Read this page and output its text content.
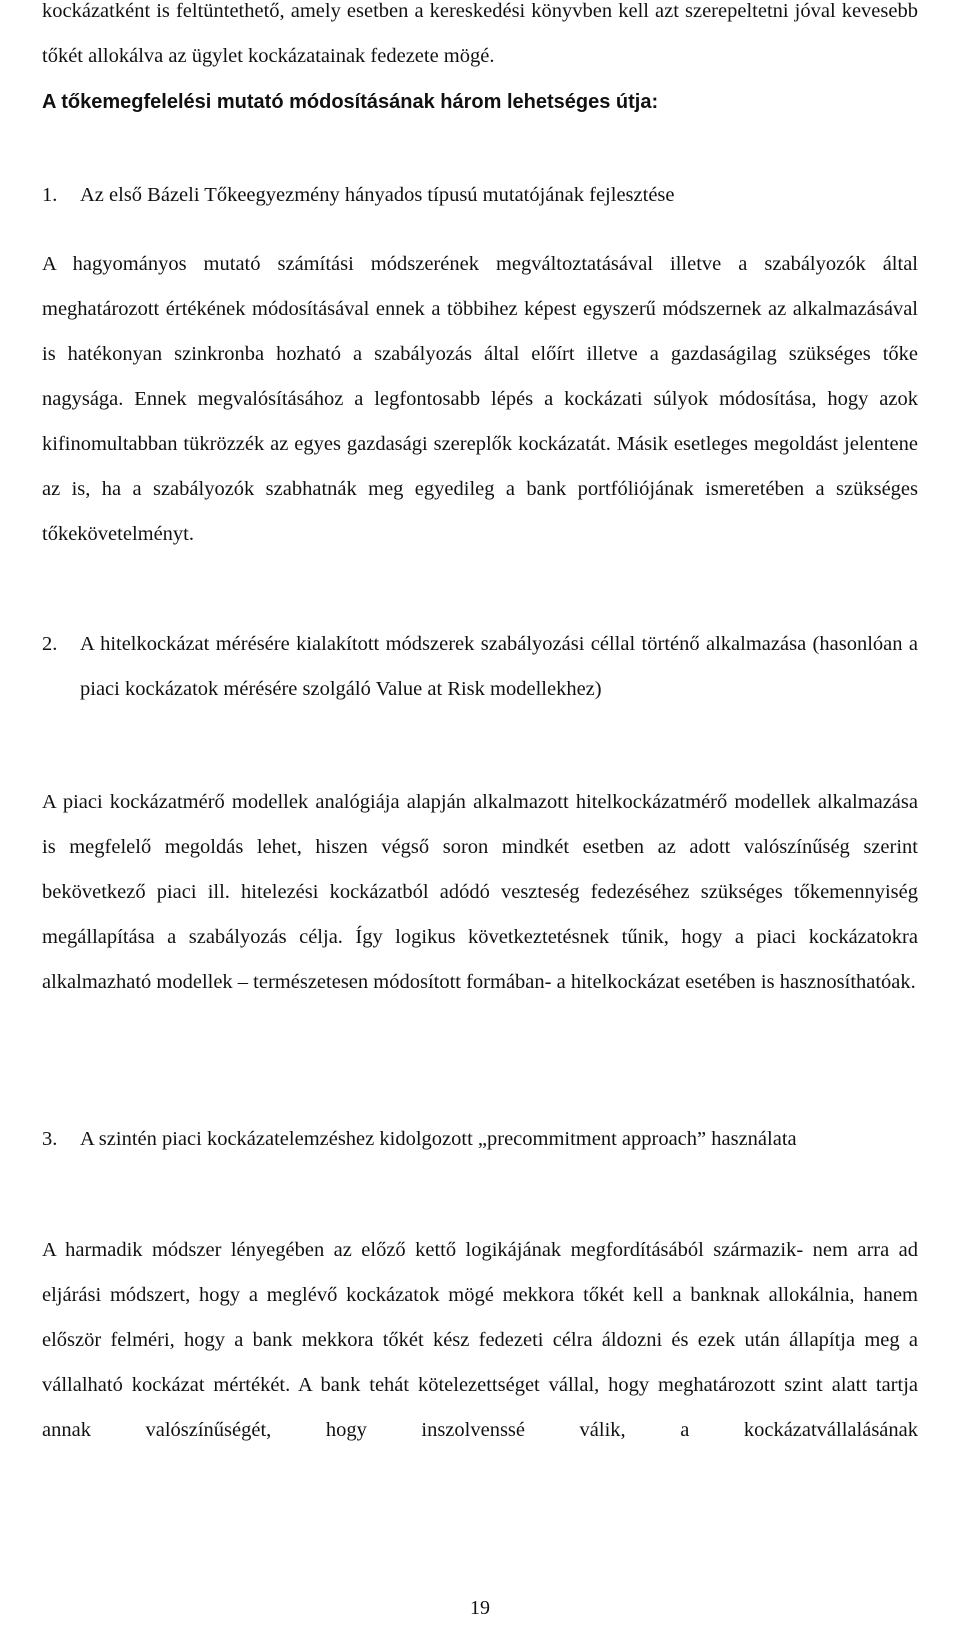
kockázatként is feltüntethető, amely esetben a kereskedési könyvben kell azt szerepeltetni jóval kevesebb tőkét allokálva az ügylet kockázatainak fedezete mögé.

A tőkemegfelelési mutató módosításának három lehetséges útja:

1.	Az első Bázeli Tőkeegyezmény hányados típusú mutatójának fejlesztése

A hagyományos mutató számítási módszerének megváltoztatásával illetve a szabályozók által meghatározott értékének módosításával ennek a többihez képest egyszerű módszernek az alkalmazásával is hatékonyan szinkronba hozható a szabályozás által előírt illetve a gazdaságilag szükséges tőke nagysága. Ennek megvalósításához a legfontosabb lépés a kockázati súlyok módosítása, hogy azok kifinomultabban tükrözzék az egyes gazdasági szereplők kockázatát. Másik esetleges megoldást jelentene az is, ha a szabályozók szabhatnák meg egyedileg a bank portfóliójának ismeretében a szükséges tőkekövetelményt.

2.	A hitelkockázat mérésére kialakított módszerek szabályozási céllal történő alkalmazása (hasonlóan a piaci kockázatok mérésére szolgáló Value at Risk modellekhez)

A piaci kockázatmérő modellek analógiája alapján alkalmazott hitelkockázatmérő modellek alkalmazása is megfelelő megoldás lehet, hiszen végső soron mindkét esetben az adott valószínűség szerint bekövetkező piaci ill. hitelezési kockázatból adódó veszteség fedezéséhez szükséges tőkemennyiség megállapítása a szabályozás célja. Így logikus következtetésnek tűnik, hogy a piaci kockázatokra alkalmazható modellek – természetesen módosított formában- a hitelkockázat esetében is hasznosíthatóak.

3.	A szintén piaci kockázatelemzéshez kidolgozott „precommitment approach” használata

A harmadik módszer lényegében az előző kettő logikájának megfordításából származik- nem arra ad eljárási módszert, hogy a meglévő kockázatok mögé mekkora tőkét kell a banknak allokálnia, hanem először felméri, hogy a bank mekkora tőkét kész fedezeti célra áldozni és ezek után állapítja meg a vállalható kockázat mértékét. A bank tehát kötelezettséget vállal, hogy meghatározott szint alatt tartja annak valószínűségét, hogy inszolvenssé válik, a kockázatvállalásának

19
